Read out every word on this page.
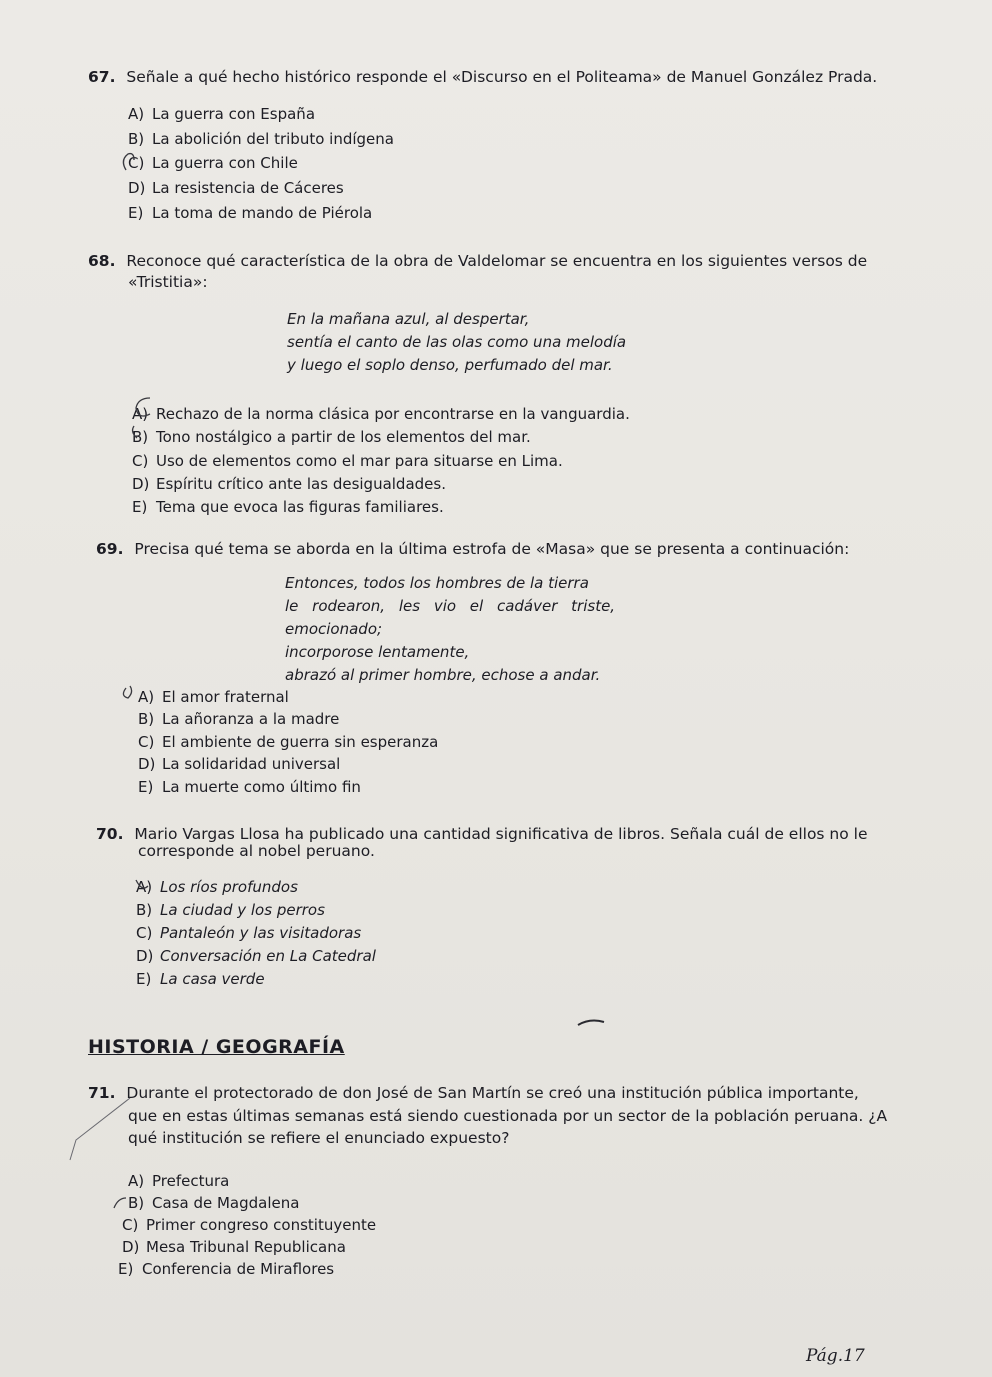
67. Señale a qué hecho histórico responde el «Discurso en el Politeama» de Manuel González Prada.
A) La guerra con España
B) La abolición del tributo indígena
C) La guerra con Chile
D) La resistencia de Cáceres
E) La toma de mando de Piérola
68. Reconoce qué característica de la obra de Valdelomar se encuentra en los siguientes versos de
«Tristitia»:
En la mañana azul, al despertar,
sentía el canto de las olas como una melodía
y luego el soplo denso, perfumado del mar.
A) Rechazo de la norma clásica por encontrarse en la vanguardia.
B) Tono nostálgico a partir de los elementos del mar.
C) Uso de elementos como el mar para situarse en Lima.
D) Espíritu crítico ante las desigualdades.
E) Tema que evoca las figuras familiares.
69. Precisa qué tema se aborda en la última estrofa de «Masa» que se presenta a continuación:
Entonces, todos los hombres de la tierra
le rodearon, les vio el cadáver triste,
emocionado;
incorporose lentamente,
abrazó al primer hombre, echose a andar.
A) El amor fraternal
B) La añoranza a la madre
C) El ambiente de guerra sin esperanza
D) La solidaridad universal
E) La muerte como último fin
70. Mario Vargas Llosa ha publicado una cantidad significativa de libros. Señala cuál de ellos no le
corresponde al nobel peruano.
A) Los ríos profundos
B) La ciudad y los perros
C) Pantaleón y las visitadoras
D) Conversación en La Catedral
E) La casa verde
HISTORIA / GEOGRAFÍA
71. Durante el protectorado de don José de San Martín se creó una institución pública importante,
que en estas últimas semanas está siendo cuestionada por un sector de la población peruana. ¿A
qué institución se refiere el enunciado expuesto?
A) Prefectura
B) Casa de Magdalena
C) Primer congreso constituyente
D) Mesa Tribunal Republicana
E) Conferencia de Miraflores
Pág.17
